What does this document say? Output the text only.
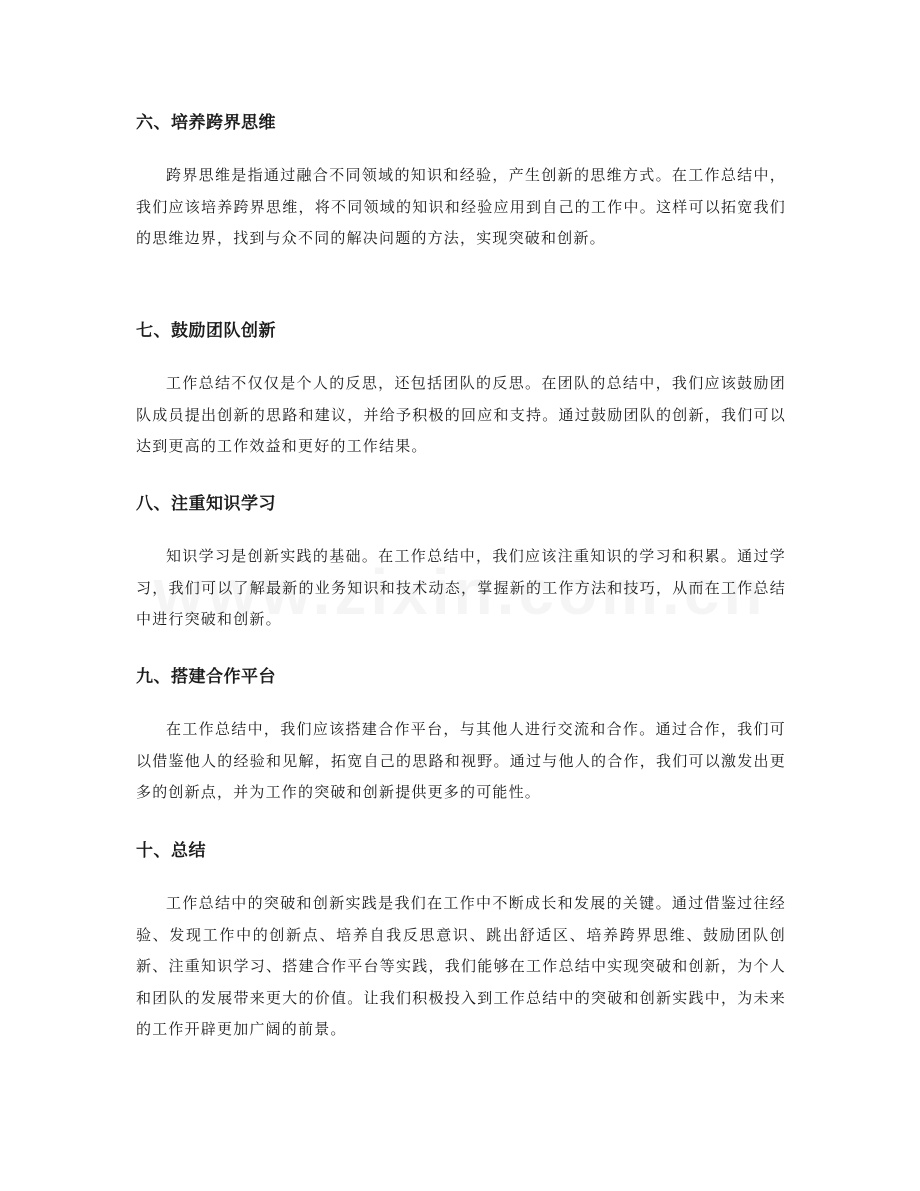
六、培养跨界思维

跨界思维是指通过融合不同领域的知识和经验，产生创新的思维方式。在工作总结中，我们应该培养跨界思维，将不同领域的知识和经验应用到自己的工作中。这样可以拓宽我们的思维边界，找到与众不同的解决问题的方法，实现突破和创新。

七、鼓励团队创新

工作总结不仅仅是个人的反思，还包括团队的反思。在团队的总结中，我们应该鼓励团队成员提出创新的思路和建议，并给予积极的回应和支持。通过鼓励团队的创新，我们可以达到更高的工作效益和更好的工作结果。

八、注重知识学习

知识学习是创新实践的基础。在工作总结中，我们应该注重知识的学习和积累。通过学习，我们可以了解最新的业务知识和技术动态，掌握新的工作方法和技巧，从而在工作总结中进行突破和创新。

九、搭建合作平台

在工作总结中，我们应该搭建合作平台，与其他人进行交流和合作。通过合作，我们可以借鉴他人的经验和见解，拓宽自己的思路和视野。通过与他人的合作，我们可以激发出更多的创新点，并为工作的突破和创新提供更多的可能性。

十、总结

工作总结中的突破和创新实践是我们在工作中不断成长和发展的关键。通过借鉴过往经验、发现工作中的创新点、培养自我反思意识、跳出舒适区、培养跨界思维、鼓励团队创新、注重知识学习、搭建合作平台等实践，我们能够在工作总结中实现突破和创新，为个人和团队的发展带来更大的价值。让我们积极投入到工作总结中的突破和创新实践中，为未来的工作开辟更加广阔的前景。
